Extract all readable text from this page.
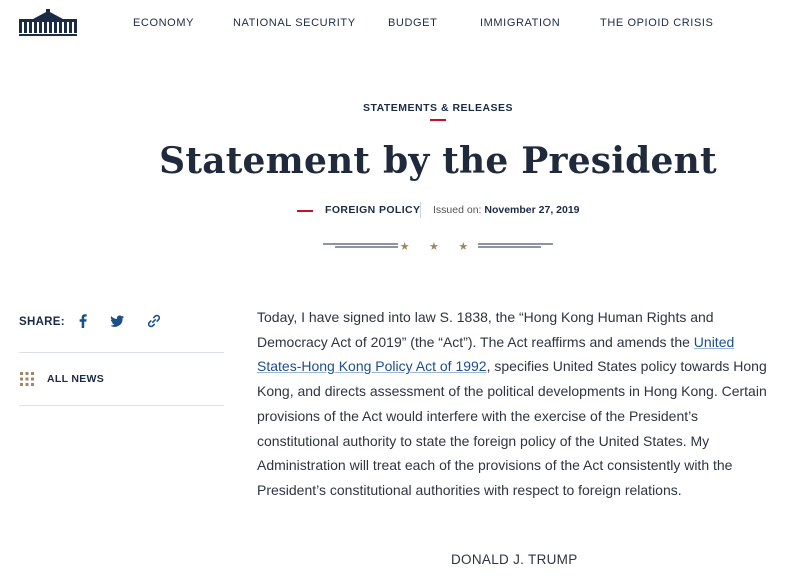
ECONOMY	NATIONAL SECURITY	BUDGET	IMMIGRATION	THE OPIOID CRISIS
STATEMENTS & RELEASES
Statement by the President
FOREIGN POLICY Issued on: November 27, 2019
★ ★ ★
SHARE:
ALL NEWS

Today, I have signed into law S. 1838, the “Hong Kong Human Rights and Democracy Act of 2019” (the “Act”). The Act reaffirms and amends the United States-Hong Kong Policy Act of 1992, specifies United States policy towards Hong Kong, and directs assessment of the political developments in Hong Kong. Certain provisions of the Act would interfere with the exercise of the President’s constitutional authority to state the foreign policy of the United States. My Administration will treat each of the provisions of the Act consistently with the President’s constitutional authorities with respect to foreign relations.

DONALD J. TRUMP
